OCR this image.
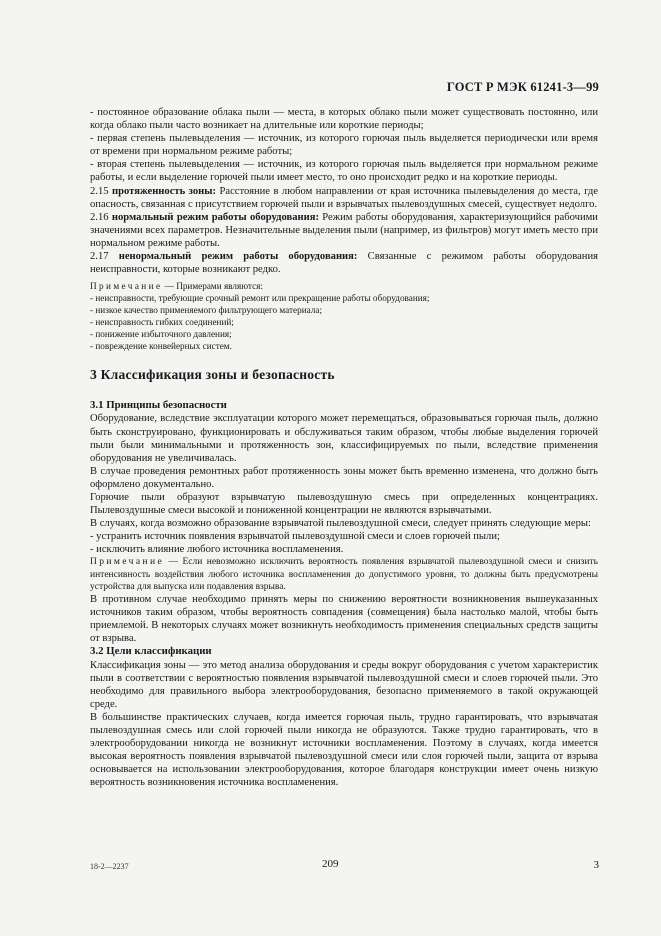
ГОСТ Р МЭК 61241-3—99

- постоянное образование облака пыли — места, в которых облако пыли может существовать постоянно, или когда облако пыли часто возникает на длительные или короткие периоды;

- первая степень пылевыделения — источник, из которого горючая пыль выделяется периодически или время от времени при нормальном режиме работы;

- вторая степень пылевыделения — источник, из которого горючая пыль выделяется при нормальном режиме работы, и если выделение горючей пыли имеет место, то оно происходит редко и на короткие периоды.

2.15 протяженность зоны: Расстояние в любом направлении от края источника пылевыделения до места, где опасность, связанная с присутствием горючей пыли и взрывчатых пылевоздушных смесей, существует недолго.

2.16 нормальный режим работы оборудования: Режим работы оборудования, характеризующийся рабочими значениями всех параметров. Незначительные выделения пыли (например, из фильтров) могут иметь место при нормальном режиме работы.

2.17 ненормальный режим работы оборудования: Связанные с режимом работы оборудования неисправности, которые возникают редко.

Примечание — Примерами являются:

- неисправности, требующие срочный ремонт или прекращение работы оборудования;

- низкое качество применяемого фильтрующего материала;

- неисправность гибких соединений;

- понижение избыточного давления;

- повреждение конвейерных систем.

3 Классификация зоны и безопасность

3.1 Принципы безопасности

Оборудование, вследствие эксплуатации которого может перемещаться, образовываться горючая пыль, должно быть сконструировано, функционировать и обслуживаться таким образом, чтобы любые выделения горючей пыли были минимальными и протяженность зон, классифицируемых по пыли, вследствие применения оборудования не увеличивалась.

В случае проведения ремонтных работ протяженность зоны может быть временно изменена, что должно быть оформлено документально.

Горючие пыли образуют взрывчатую пылевоздушную смесь при определенных концентрациях. Пылевоздушные смеси высокой и пониженной концентрации не являются взрывчатыми.

В случаях, когда возможно образование взрывчатой пылевоздушной смеси, следует принять следующие меры:

- устранить источник появления взрывчатой пылевоздушной смеси и слоев горючей пыли;

- исключить влияние любого источника воспламенения.

Примечание — Если невозможно исключить вероятность появления взрывчатой пылевоздушной смеси и снизить интенсивность воздействия любого источника воспламенения до допустимого уровня, то должны быть предусмотрены устройства для выпуска или подавления взрыва.

В противном случае необходимо принять меры по снижению вероятности возникновения вышеуказанных источников таким образом, чтобы вероятность совпадения (совмещения) была настолько малой, чтобы быть приемлемой. В некоторых случаях может возникнуть необходимость применения специальных средств защиты от взрыва.

3.2 Цели классификации

Классификация зоны — это метод анализа оборудования и среды вокруг оборудования с учетом характеристик пыли в соответствии с вероятностью появления взрывчатой пылевоздушной смеси и слоев горючей пыли. Это необходимо для правильного выбора электрооборудования, безопасно применяемого в такой окружающей среде.

В большинстве практических случаев, когда имеется горючая пыль, трудно гарантировать, что взрывчатая пылевоздушная смесь или слой горючей пыли никогда не образуются. Также трудно гарантировать, что в электрооборудовании никогда не возникнут источники воспламенения. Поэтому в случаях, когда имеется высокая вероятность появления взрывчатой пылевоздушной смеси или слоя горючей пыли, защита от взрыва основывается на использовании электрооборудования, которое благодаря конструкции имеет очень низкую вероятность возникновения источника воспламенения.

18-2—2237	209	3
